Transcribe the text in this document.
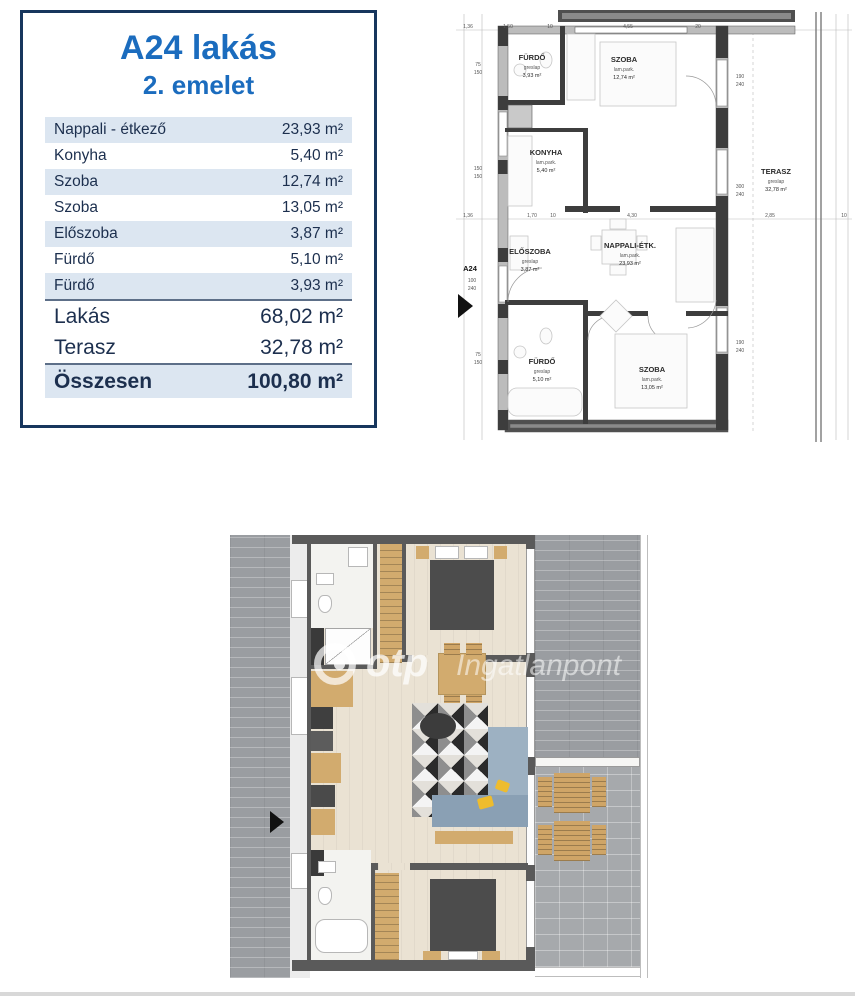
A24 lakás
2. emelet
Nappali - étkező	23,93 m²
Konyha	5,40 m²
Szoba	12,74 m²
Szoba	13,05 m²
Előszoba	3,87 m²
Fürdő	5,10 m²
Fürdő	3,93 m²
Lakás	68,02 m²
Terasz	32,78 m²
Összesen	100,80 m²
FÜRDŐ
greslap
3,93 m²
SZOBA
lam.park.
12,74 m²
KONYHA
lam.park.
5,40 m²
ELŐSZOBA
greslap
3,87 m²
NAPPALI-ÉTK.
lam.park.
23,93 m²
FÜRDŐ
greslap
5,10 m²
SZOBA
lam.park.
13,05 m²
TERASZ
greslap
32,78 m²
1,36	1,50	10	4,55	20
1,36	1,70	10	4,30	2,85	10
75
150
150
150
75
150
190
240
300
240
190
240
A24
100
240
otp Ingatlanpont
